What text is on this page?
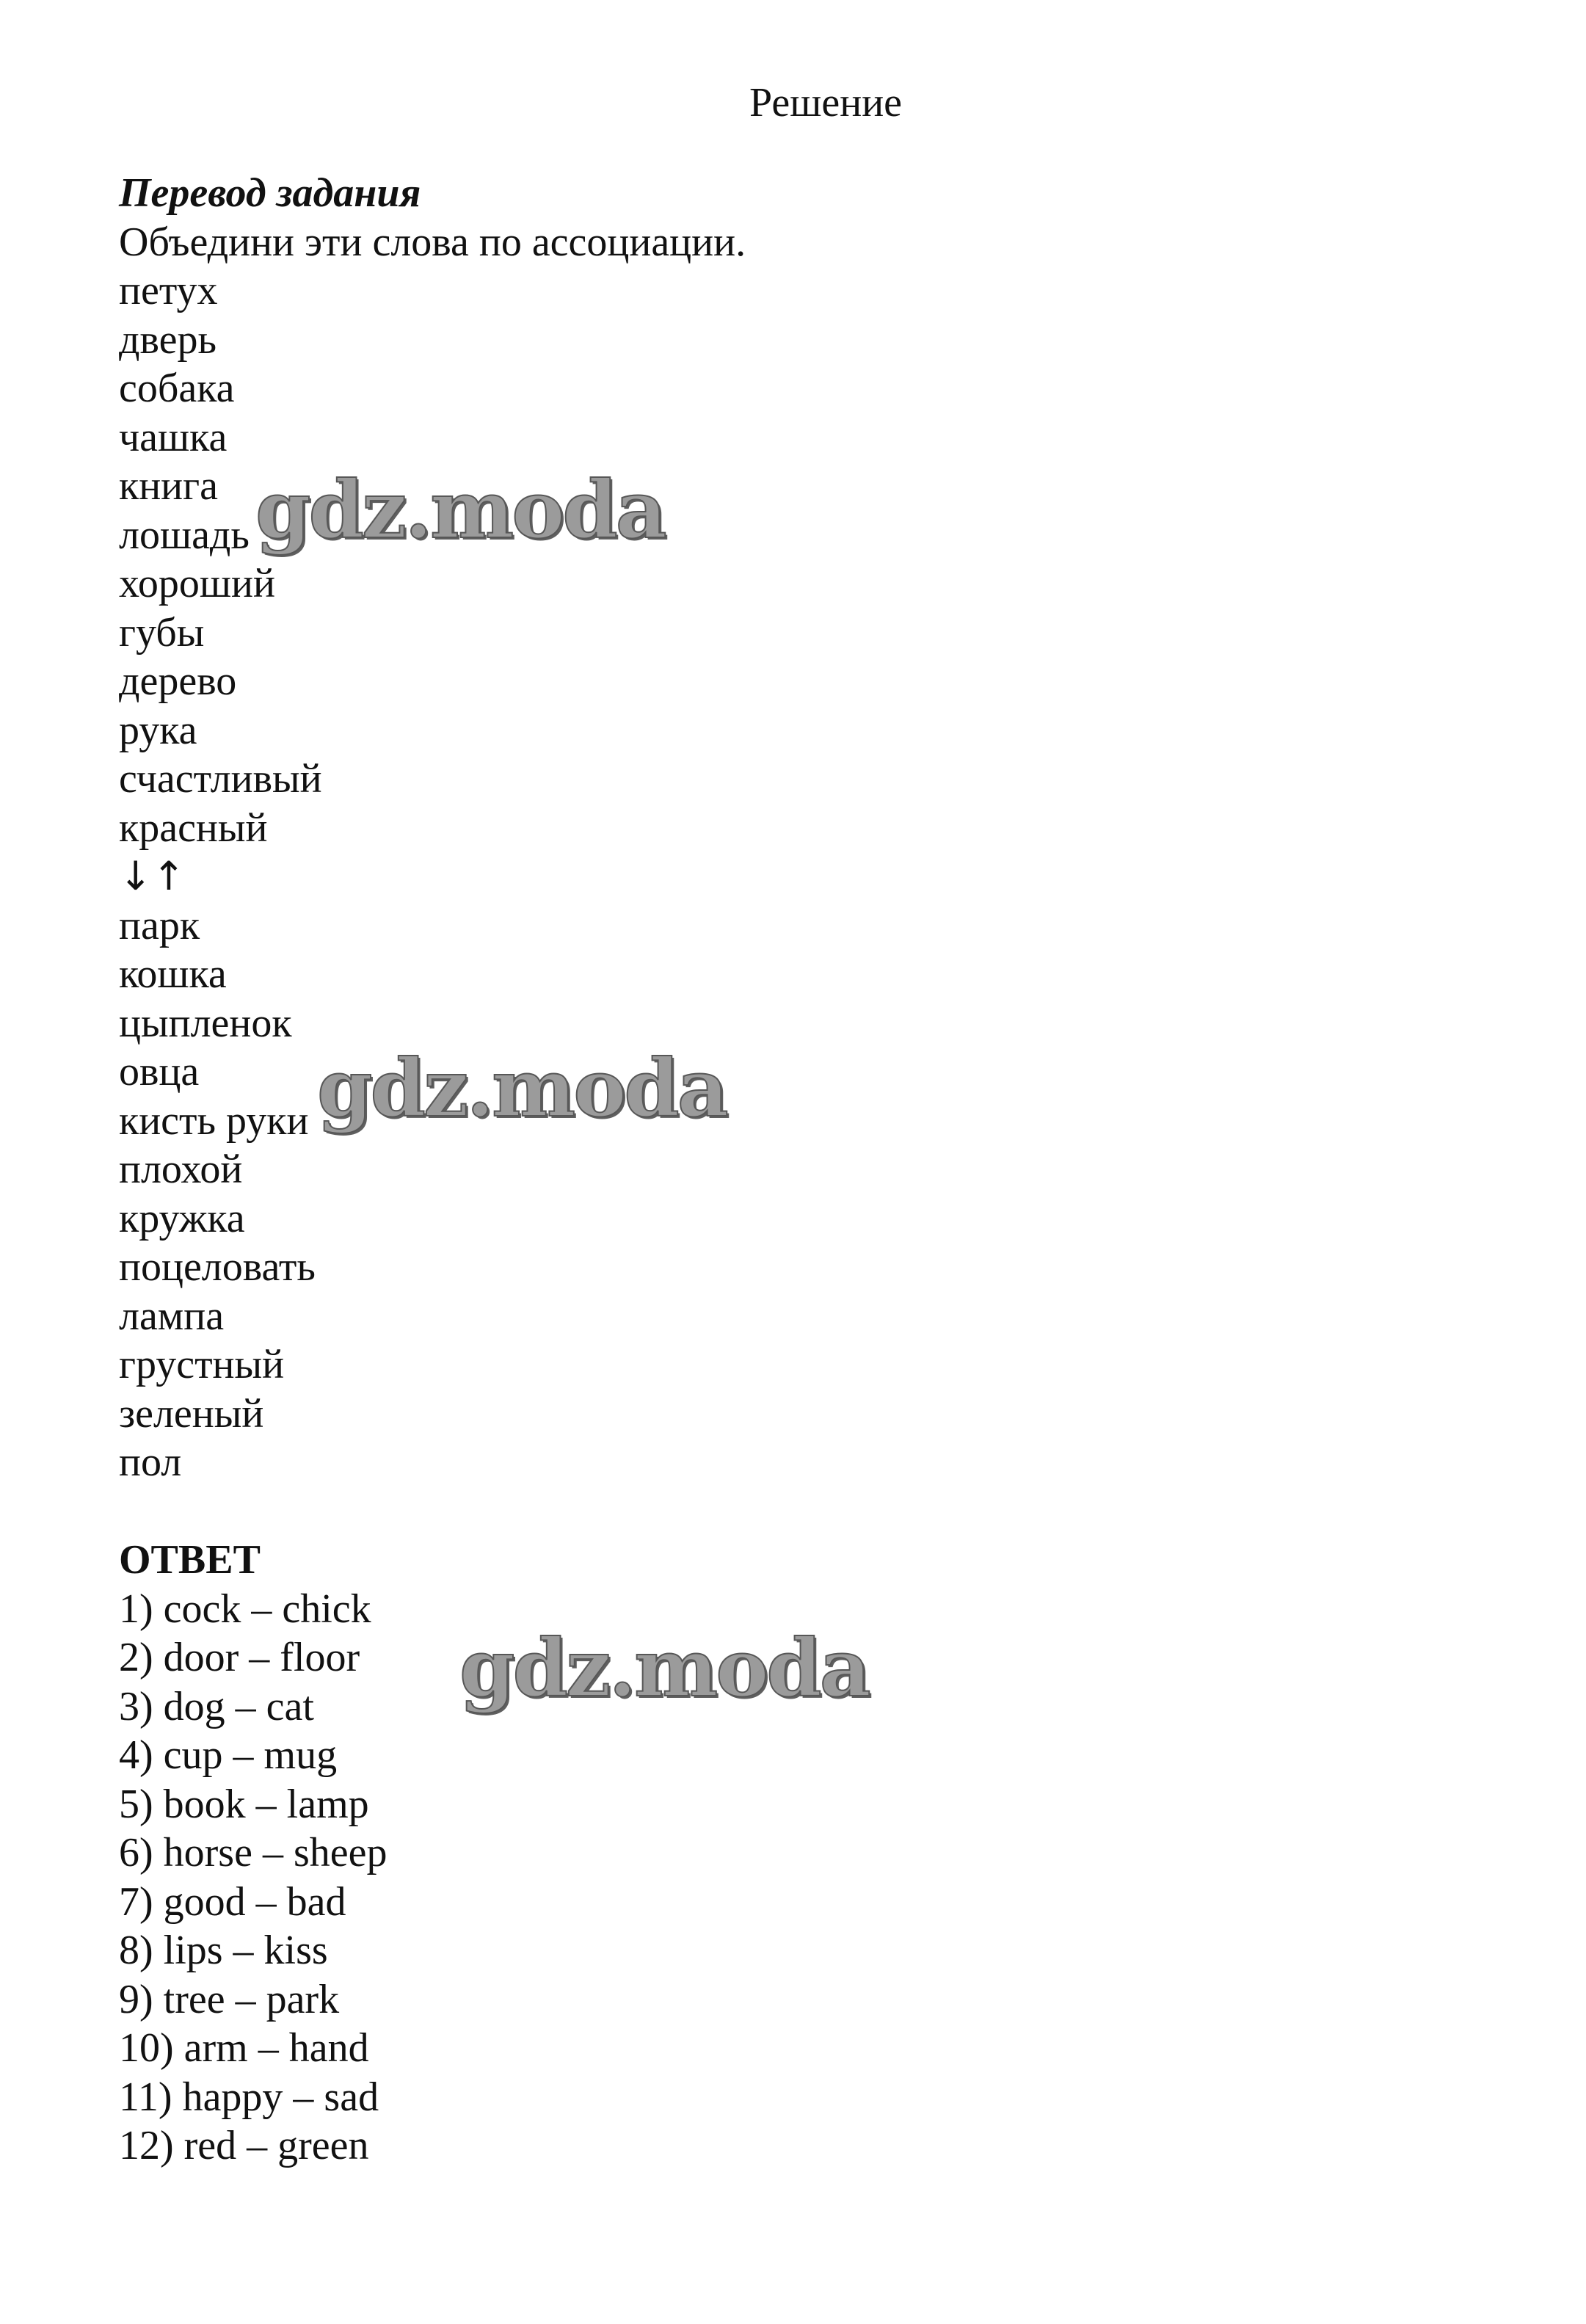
Решение

Перевод задания

Объедини эти слова по ассоциации.

петух

дверь

собака

чашка

книга

лошадь

хороший

губы

дерево

рука

счастливый

красный

↓↑

парк

кошка

цыпленок

овца

кисть руки

плохой

кружка

поцеловать

лампа

грустный

зеленый

пол

ОТВЕТ

1) cock – chick

2) door – floor

3) dog – cat

4) cup – mug

5) book – lamp

6) horse – sheep

7) good – bad

8) lips – kiss

9) tree – park

10) arm – hand

11) happy – sad

12) red – green

gdz.moda
gdz.moda
gdz.moda
